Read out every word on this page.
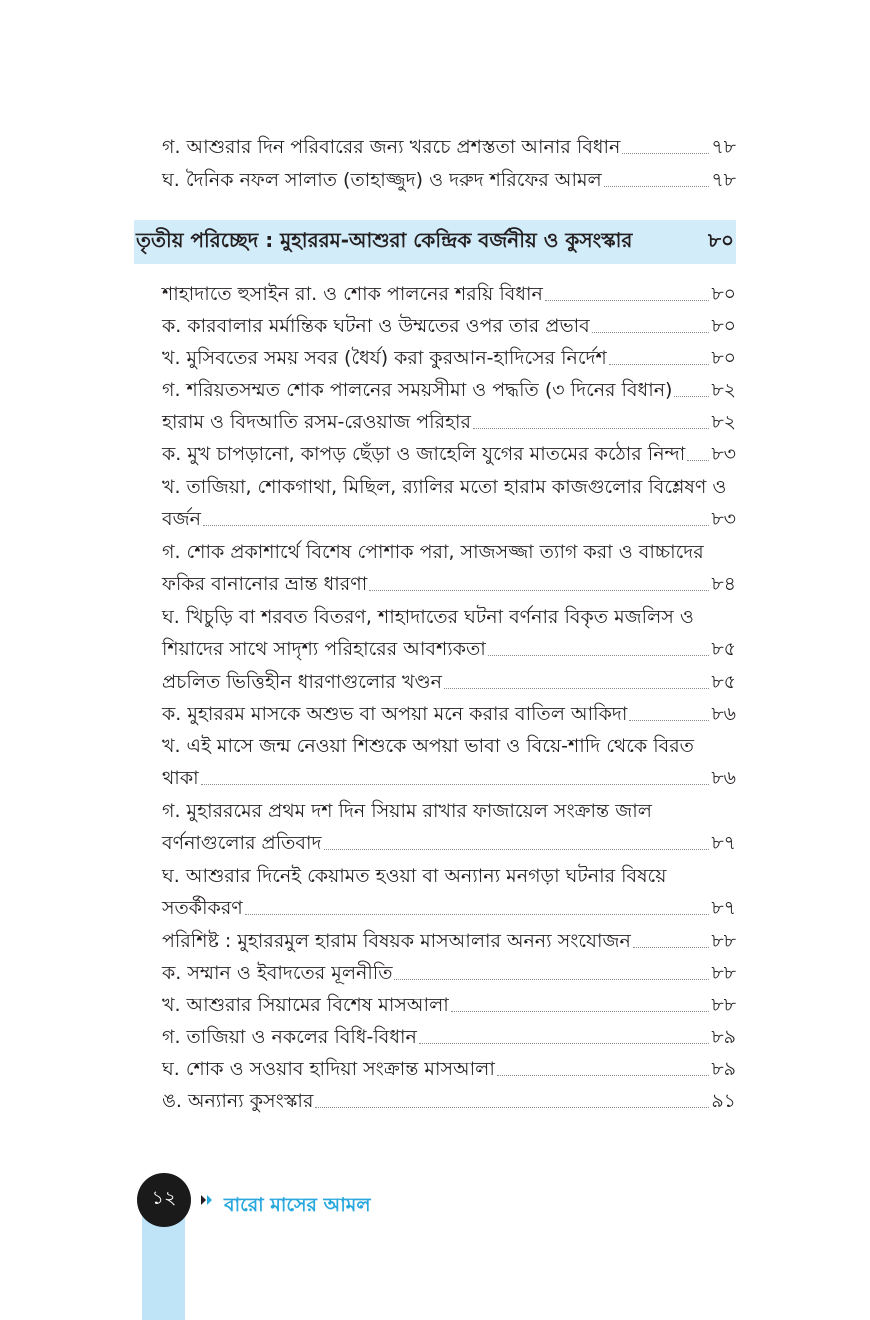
গ. আশুরার দিন পরিবারের জন্য খরচে প্রশস্ততা আনার বিধান	৭৮
ঘ. দৈনিক নফল সালাত (তাহাজ্জুদ) ও দরুদ শরিফের আমল	৭৮
তৃতীয় পরিচ্ছেদ : মুহাররম-আশুরা কেন্দ্রিক বর্জনীয় ও কুসংস্কার	৮০
শাহাদাতে হুসাইন রা. ও শোক পালনের শরয়ি বিধান	৮০
ক. কারবালার মর্মান্তিক ঘটনা ও উম্মতের ওপর তার প্রভাব	৮০
খ. মুসিবতের সময় সবর (ধৈর্য) করা কুরআন-হাদিসের নির্দেশ	৮০
গ. শরিয়তসম্মত শোক পালনের সময়সীমা ও পদ্ধতি (৩ দিনের বিধান) ৮২
হারাম ও বিদআতি রসম-রেওয়াজ পরিহার	৮২
ক. মুখ চাপড়ানো, কাপড় ছেঁড়া ও জাহেলি যুগের মাতমের কঠোর নিন্দা ৮৩
খ. তাজিয়া, শোকগাথা, মিছিল, র‍্যালির মতো হারাম কাজগুলোর বিশ্লেষণ ও
বর্জন	৮৩
গ. শোক প্রকাশার্থে বিশেষ পোশাক পরা, সাজসজ্জা ত্যাগ করা ও বাচ্চাদের
ফকির বানানোর ভ্রান্ত ধারণা	৮৪
ঘ. খিচুড়ি বা শরবত বিতরণ, শাহাদাতের ঘটনা বর্ণনার বিকৃত মজলিস ও
শিয়াদের সাথে সাদৃশ্য পরিহারের আবশ্যকতা	৮৫
প্রচলিত ভিত্তিহীন ধারণাগুলোর খণ্ডন	৮৫
ক. মুহাররম মাসকে অশুভ বা অপয়া মনে করার বাতিল আকিদা	৮৬
খ. এই মাসে জন্ম নেওয়া শিশুকে অপয়া ভাবা ও বিয়ে-শাদি থেকে বিরত
থাকা	৮৬
গ. মুহাররমের প্রথম দশ দিন সিয়াম রাখার ফাজায়েল সংক্রান্ত জাল
বর্ণনাগুলোর প্রতিবাদ	৮৭
ঘ. আশুরার দিনেই কেয়ামত হওয়া বা অন্যান্য মনগড়া ঘটনার বিষয়ে
সতর্কীকরণ	৮৭
পরিশিষ্ট : মুহাররমুল হারাম বিষয়ক মাসআলার অনন্য সংযোজন	৮৮
ক. সম্মান ও ইবাদতের মূলনীতি	৮৮
খ. আশুরার সিয়ামের বিশেষ মাসআলা	৮৮
গ. তাজিয়া ও নকলের বিধি-বিধান	৮৯
ঘ. শোক ও সওয়াব হাদিয়া সংক্রান্ত মাসআলা	৮৯
ঙ. অন্যান্য কুসংস্কার	৯১
১২	বারো মাসের আমল
